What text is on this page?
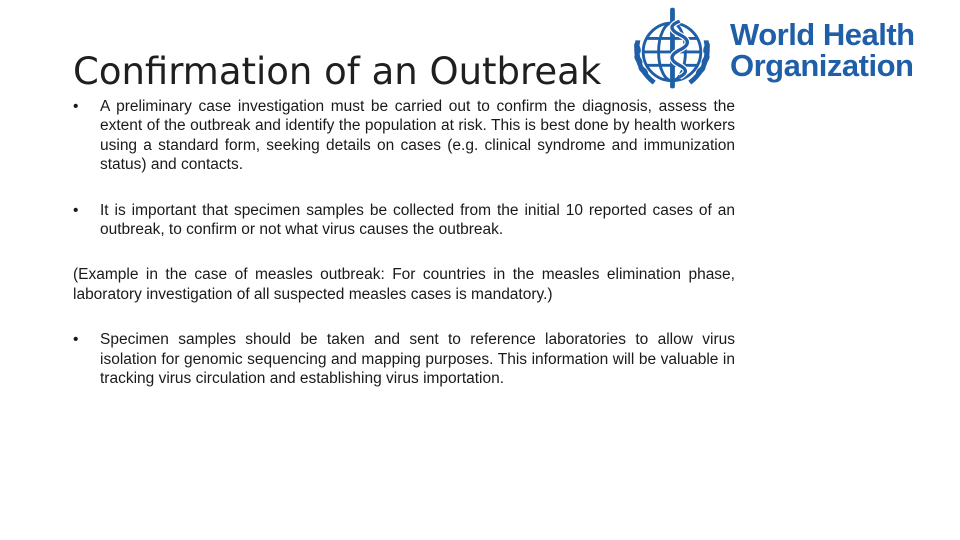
Confirmation of an Outbreak
World Health
Organization
•	A preliminary case investigation must be carried out to confirm the diagnosis, assess the extent of the outbreak and identify the population at risk. This is best done by health workers using a standard form, seeking details on cases (e.g. clinical syndrome and immunization status) and contacts.
•	It is important that specimen samples be collected from the initial 10 reported cases of an outbreak, to confirm or not what virus causes the outbreak.

(Example in the case of measles outbreak: For countries in the measles elimination phase, laboratory investigation of all suspected measles cases is mandatory.)

•	Specimen samples should be taken and sent to reference laboratories to allow virus isolation for genomic sequencing and mapping purposes. This information will be valuable in tracking virus circulation and establishing virus importation.
